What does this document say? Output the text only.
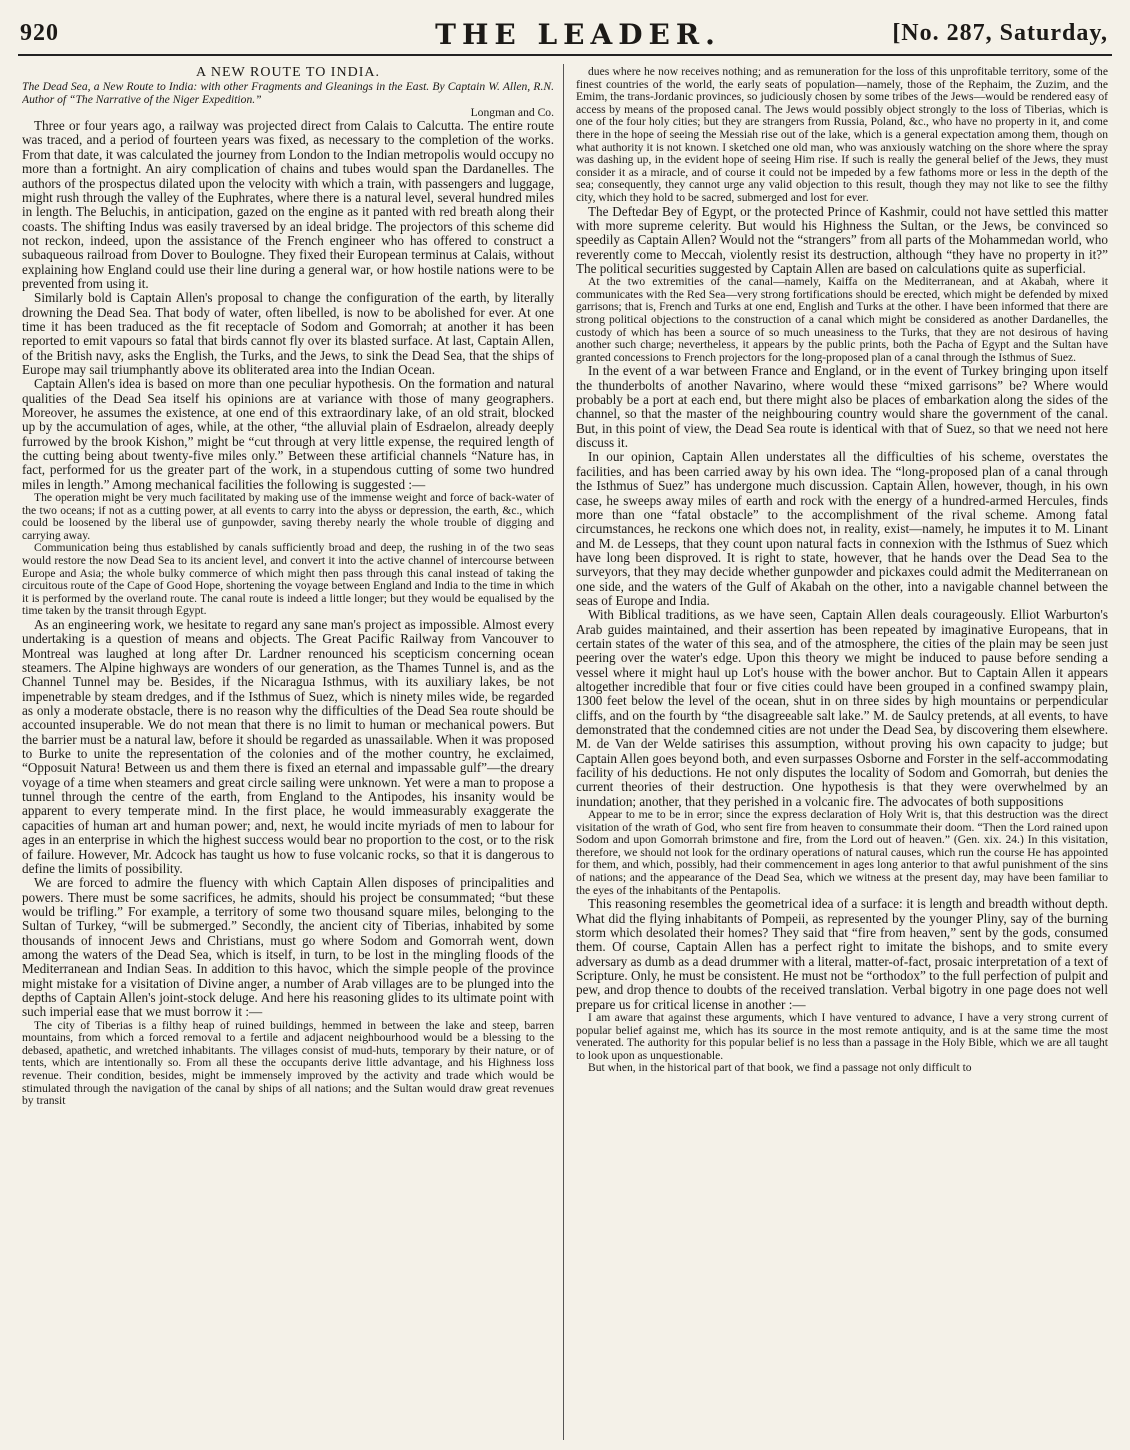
920	THE LEADER.	[No. 287, Saturday,
A NEW ROUTE TO INDIA.

The Dead Sea, a New Route to India: with other Fragments and Gleanings in the East. By Captain W. Allen, R.N. Author of “The Narrative of the Niger Expedition.”

Longman and Co.

Three or four years ago, a railway was projected direct from Calais to Calcutta. The entire route was traced, and a period of fourteen years was fixed, as necessary to the completion of the works. From that date, it was calculated the journey from London to the Indian metropolis would occupy no more than a fortnight. An airy complication of chains and tubes would span the Dardanelles. The authors of the prospectus dilated upon the velocity with which a train, with passengers and luggage, might rush through the valley of the Euphrates, where there is a natural level, several hundred miles in length. The Beluchis, in anticipation, gazed on the engine as it panted with red breath along their coasts. The shifting Indus was easily traversed by an ideal bridge. The projectors of this scheme did not reckon, indeed, upon the assistance of the French engineer who has offered to construct a subaqueous railroad from Dover to Boulogne. They fixed their European terminus at Calais, without explaining how England could use their line during a general war, or how hostile nations were to be prevented from using it.

Similarly bold is Captain Allen's proposal to change the configuration of the earth, by literally drowning the Dead Sea. That body of water, often libelled, is now to be abolished for ever. At one time it has been traduced as the fit receptacle of Sodom and Gomorrah; at another it has been reported to emit vapours so fatal that birds cannot fly over its blasted surface. At last, Captain Allen, of the British navy, asks the English, the Turks, and the Jews, to sink the Dead Sea, that the ships of Europe may sail triumphantly above its obliterated area into the Indian Ocean.

Captain Allen's idea is based on more than one peculiar hypothesis. On the formation and natural qualities of the Dead Sea itself his opinions are at variance with those of many geographers. Moreover, he assumes the existence, at one end of this extraordinary lake, of an old strait, blocked up by the accumulation of ages, while, at the other, “the alluvial plain of Esdraelon, already deeply furrowed by the brook Kishon,” might be “cut through at very little expense, the required length of the cutting being about twenty-five miles only.” Between these artificial channels “Nature has, in fact, performed for us the greater part of the work, in a stupendous cutting of some two hundred miles in length.” Among mechanical facilities the following is suggested :—

The operation might be very much facilitated by making use of the immense weight and force of back-water of the two oceans; if not as a cutting power, at all events to carry into the abyss or depression, the earth, &c., which could be loosened by the liberal use of gunpowder, saving thereby nearly the whole trouble of digging and carrying away.

Communication being thus established by canals sufficiently broad and deep, the rushing in of the two seas would restore the now Dead Sea to its ancient level, and convert it into the active channel of intercourse between Europe and Asia; the whole bulky commerce of which might then pass through this canal instead of taking the circuitous route of the Cape of Good Hope, shortening the voyage between England and India to the time in which it is performed by the overland route. The canal route is indeed a little longer; but they would be equalised by the time taken by the transit through Egypt.

As an engineering work, we hesitate to regard any sane man's project as impossible. Almost every undertaking is a question of means and objects. The Great Pacific Railway from Vancouver to Montreal was laughed at long after Dr. Lardner renounced his scepticism concerning ocean steamers. The Alpine highways are wonders of our generation, as the Thames Tunnel is, and as the Channel Tunnel may be. Besides, if the Nicaragua Isthmus, with its auxiliary lakes, be not impenetrable by steam dredges, and if the Isthmus of Suez, which is ninety miles wide, be regarded as only a moderate obstacle, there is no reason why the difficulties of the Dead Sea route should be accounted insuperable. We do not mean that there is no limit to human or mechanical powers. But the barrier must be a natural law, before it should be regarded as unassailable. When it was proposed to Burke to unite the representation of the colonies and of the mother country, he exclaimed, “Opposuit Natura! Between us and them there is fixed an eternal and impassable gulf”—the dreary voyage of a time when steamers and great circle sailing were unknown. Yet were a man to propose a tunnel through the centre of the earth, from England to the Antipodes, his insanity would be apparent to every temperate mind. In the first place, he would immeasurably exaggerate the capacities of human art and human power; and, next, he would incite myriads of men to labour for ages in an enterprise in which the highest success would bear no proportion to the cost, or to the risk of failure. However, Mr. Adcock has taught us how to fuse volcanic rocks, so that it is dangerous to define the limits of possibility.

We are forced to admire the fluency with which Captain Allen disposes of principalities and powers. There must be some sacrifices, he admits, should his project be consummated; “but these would be trifling.” For example, a territory of some two thousand square miles, belonging to the Sultan of Turkey, “will be submerged.” Secondly, the ancient city of Tiberias, inhabited by some thousands of innocent Jews and Christians, must go where Sodom and Gomorrah went, down among the waters of the Dead Sea, which is itself, in turn, to be lost in the mingling floods of the Mediterranean and Indian Seas. In addition to this havoc, which the simple people of the province might mistake for a visitation of Divine anger, a number of Arab villages are to be plunged into the depths of Captain Allen's joint-stock deluge. And here his reasoning glides to its ultimate point with such imperial ease that we must borrow it :—

The city of Tiberias is a filthy heap of ruined buildings, hemmed in between the lake and steep, barren mountains, from which a forced removal to a fertile and adjacent neighbourhood would be a blessing to the debased, apathetic, and wretched inhabitants. The villages consist of mud-huts, temporary by their nature, or of tents, which are intentionally so. From all these the occupants derive little advantage, and his Highness loss revenue. Their condition, besides, might be immensely improved by the activity and trade which would be stimulated through the navigation of the canal by ships of all nations; and the Sultan would draw great revenues by transit

dues where he now receives nothing; and as remuneration for the loss of this unprofitable territory, some of the finest countries of the world, the early seats of population—namely, those of the Rephaim, the Zuzim, and the Emim, the trans-Jordanic provinces, so judiciously chosen by some tribes of the Jews—would be rendered easy of access by means of the proposed canal. The Jews would possibly object strongly to the loss of Tiberias, which is one of the four holy cities; but they are strangers from Russia, Poland, &c., who have no property in it, and come there in the hope of seeing the Messiah rise out of the lake, which is a general expectation among them, though on what authority it is not known. I sketched one old man, who was anxiously watching on the shore where the spray was dashing up, in the evident hope of seeing Him rise. If such is really the general belief of the Jews, they must consider it as a miracle, and of course it could not be impeded by a few fathoms more or less in the depth of the sea; consequently, they cannot urge any valid objection to this result, though they may not like to see the filthy city, which they hold to be sacred, submerged and lost for ever.

The Deftedar Bey of Egypt, or the protected Prince of Kashmir, could not have settled this matter with more supreme celerity. But would his Highness the Sultan, or the Jews, be convinced so speedily as Captain Allen? Would not the “strangers” from all parts of the Mohammedan world, who reverently come to Meccah, violently resist its destruction, although “they have no property in it?” The political securities suggested by Captain Allen are based on calculations quite as superficial.

At the two extremities of the canal—namely, Kaiffa on the Mediterranean, and at Akabah, where it communicates with the Red Sea—very strong fortifications should be erected, which might be defended by mixed garrisons; that is, French and Turks at one end, English and Turks at the other. I have been informed that there are strong political objections to the construction of a canal which might be considered as another Dardanelles, the custody of which has been a source of so much uneasiness to the Turks, that they are not desirous of having another such charge; nevertheless, it appears by the public prints, both the Pacha of Egypt and the Sultan have granted concessions to French projectors for the long-proposed plan of a canal through the Isthmus of Suez.

In the event of a war between France and England, or in the event of Turkey bringing upon itself the thunderbolts of another Navarino, where would these “mixed garrisons” be? Where would probably be a port at each end, but there might also be places of embarkation along the sides of the channel, so that the master of the neighbouring country would share the government of the canal. But, in this point of view, the Dead Sea route is identical with that of Suez, so that we need not here discuss it.

In our opinion, Captain Allen understates all the difficulties of his scheme, overstates the facilities, and has been carried away by his own idea. The “long-proposed plan of a canal through the Isthmus of Suez” has undergone much discussion. Captain Allen, however, though, in his own case, he sweeps away miles of earth and rock with the energy of a hundred-armed Hercules, finds more than one “fatal obstacle” to the accomplishment of the rival scheme. Among fatal circumstances, he reckons one which does not, in reality, exist—namely, he imputes it to M. Linant and M. de Lesseps, that they count upon natural facts in connexion with the Isthmus of Suez which have long been disproved. It is right to state, however, that he hands over the Dead Sea to the surveyors, that they may decide whether gunpowder and pickaxes could admit the Mediterranean on one side, and the waters of the Gulf of Akabah on the other, into a navigable channel between the seas of Europe and India.

With Biblical traditions, as we have seen, Captain Allen deals courageously. Elliot Warburton's Arab guides maintained, and their assertion has been repeated by imaginative Europeans, that in certain states of the water of this sea, and of the atmosphere, the cities of the plain may be seen just peering over the water's edge. Upon this theory we might be induced to pause before sending a vessel where it might haul up Lot's house with the bower anchor. But to Captain Allen it appears altogether incredible that four or five cities could have been grouped in a confined swampy plain, 1300 feet below the level of the ocean, shut in on three sides by high mountains or perpendicular cliffs, and on the fourth by “the disagreeable salt lake.” M. de Saulcy pretends, at all events, to have demonstrated that the condemned cities are not under the Dead Sea, by discovering them elsewhere. M. de Van der Welde satirises this assumption, without proving his own capacity to judge; but Captain Allen goes beyond both, and even surpasses Osborne and Forster in the self-accommodating facility of his deductions. He not only disputes the locality of Sodom and Gomorrah, but denies the current theories of their destruction. One hypothesis is that they were overwhelmed by an inundation; another, that they perished in a volcanic fire. The advocates of both suppositions

Appear to me to be in error; since the express declaration of Holy Writ is, that this destruction was the direct visitation of the wrath of God, who sent fire from heaven to consummate their doom. “Then the Lord rained upon Sodom and upon Gomorrah brimstone and fire, from the Lord out of heaven.” (Gen. xix. 24.) In this visitation, therefore, we should not look for the ordinary operations of natural causes, which run the course He has appointed for them, and which, possibly, had their commencement in ages long anterior to that awful punishment of the sins of nations; and the appearance of the Dead Sea, which we witness at the present day, may have been familiar to the eyes of the inhabitants of the Pentapolis.

This reasoning resembles the geometrical idea of a surface: it is length and breadth without depth. What did the flying inhabitants of Pompeii, as represented by the younger Pliny, say of the burning storm which desolated their homes? They said that “fire from heaven,” sent by the gods, consumed them. Of course, Captain Allen has a perfect right to imitate the bishops, and to smite every adversary as dumb as a dead drummer with a literal, matter-of-fact, prosaic interpretation of a text of Scripture. Only, he must be consistent. He must not be “orthodox” to the full perfection of pulpit and pew, and drop thence to doubts of the received translation. Verbal bigotry in one page does not well prepare us for critical license in another :—

I am aware that against these arguments, which I have ventured to advance, I have a very strong current of popular belief against me, which has its source in the most remote antiquity, and is at the same time the most venerated. The authority for this popular belief is no less than a passage in the Holy Bible, which we are all taught to look upon as unquestionable.

But when, in the historical part of that book, we find a passage not only difficult to
